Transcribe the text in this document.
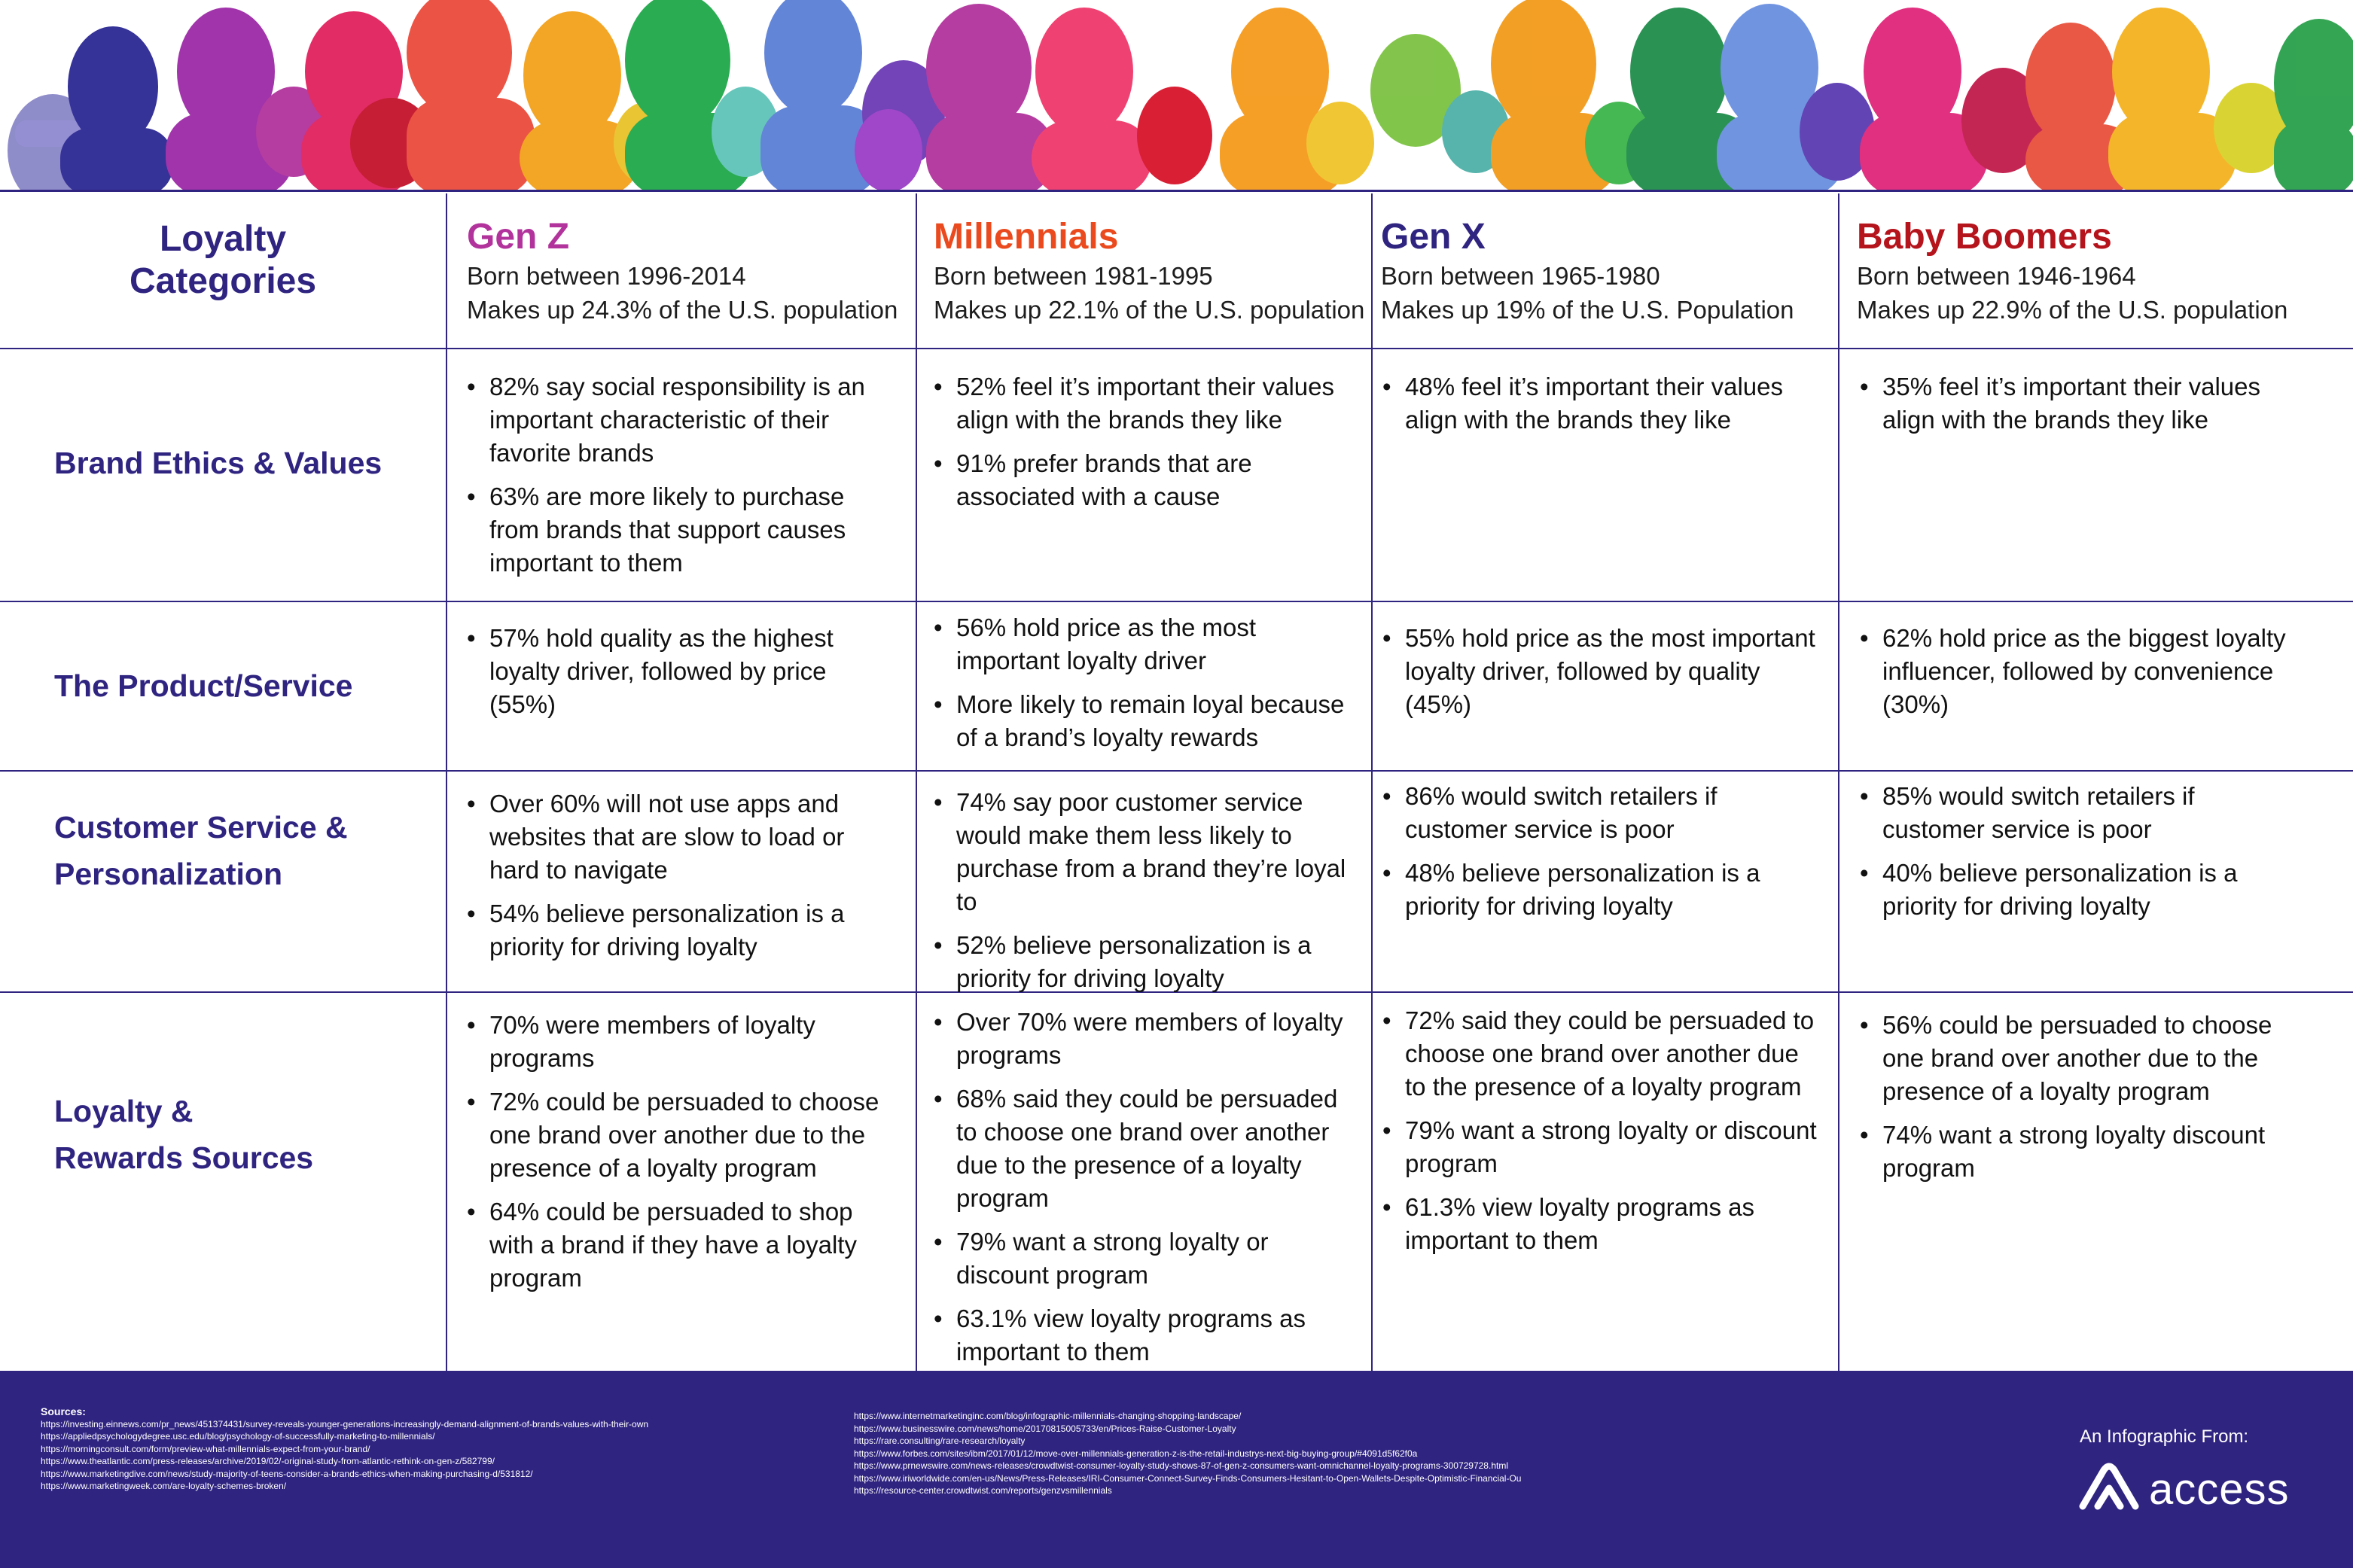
Loyalty
Categories
Gen Z
Born between 1996-2014
Makes up 24.3% of the U.S. population
Millennials
Born between 1981-1995
Makes up 22.1% of the U.S. population
Gen X
Born between 1965-1980
Makes up 19% of the U.S. Population
Baby Boomers
Born between 1946-1964
Makes up 22.9% of the U.S. population
Brand Ethics & Values
The Product/Service
Customer Service &
Personalization
Loyalty &
Rewards Sources
• 82% say social responsibility is an important characteristic of their favorite brands
• 63% are more likely to purchase from brands that support causes important to them
• 52% feel it’s important their values align with the brands they like
• 91% prefer brands that are associated with a cause
• 48% feel it’s important their values align with the brands they like
• 35% feel it’s important their values align with the brands they like
• 57% hold quality as the highest loyalty driver, followed by price (55%)
• 56% hold price as the most important loyalty driver
• More likely to remain loyal because of a brand’s loyalty rewards
• 55% hold price as the most important loyalty driver, followed by quality (45%)
• 62% hold price as the biggest loyalty influencer, followed by convenience (30%)
• Over 60% will not use apps and websites that are slow to load or hard to navigate
• 54% believe personalization is a priority for driving loyalty
• 74% say poor customer service would make them less likely to purchase from a brand they’re loyal to
• 52% believe personalization is a priority for driving loyalty
• 86% would switch retailers if customer service is poor
• 48% believe personalization is a priority for driving loyalty
• 85% would switch retailers if customer service is poor
• 40% believe personalization is a priority for driving loyalty
• 70% were members of loyalty programs
• 72% could be persuaded to choose one brand over another due to the presence of a loyalty program
• 64% could be persuaded to shop with a brand if they have a loyalty program
• Over 70% were members of loyalty programs
• 68% said they could be persuaded to choose one brand over another due to the presence of a loyalty program
• 79% want a strong loyalty or discount program
• 63.1% view loyalty programs as important to them
• 72% said they could be persuaded to choose one brand over another due to the presence of a loyalty program
• 79% want a strong loyalty or discount program
• 61.3% view loyalty programs as important to them
• 56% could be persuaded to choose one brand over another due to the presence of a loyalty program
• 74% want a strong loyalty discount program
Sources:
https://investing.einnews.com/pr_news/451374431/survey-reveals-younger-generations-increasingly-demand-alignment-of-brands-values-with-their-own
https://appliedpsychologydegree.usc.edu/blog/psychology-of-successfully-marketing-to-millennials/
https://morningconsult.com/form/preview-what-millennials-expect-from-your-brand/
https://www.theatlantic.com/press-releases/archive/2019/02/-original-study-from-atlantic-rethink-on-gen-z/582799/
https://www.marketingdive.com/news/study-majority-of-teens-consider-a-brands-ethics-when-making-purchasing-d/531812/
https://www.marketingweek.com/are-loyalty-schemes-broken/
https://www.internetmarketinginc.com/blog/infographic-millennials-changing-shopping-landscape/
https://www.businesswire.com/news/home/20170815005733/en/Prices-Raise-Customer-Loyalty
https://rare.consulting/rare-research/loyalty
https://www.forbes.com/sites/ibm/2017/01/12/move-over-millennials-generation-z-is-the-retail-industrys-next-big-buying-group/#4091d5f62f0a
https://www.prnewswire.com/news-releases/crowdtwist-consumer-loyalty-study-shows-87-of-gen-z-consumers-want-omnichannel-loyalty-programs-300729728.html
https://www.iriworldwide.com/en-us/News/Press-Releases/IRI-Consumer-Connect-Survey-Finds-Consumers-Hesitant-to-Open-Wallets-Despite-Optimistic-Financial-Ou
https://resource-center.crowdtwist.com/reports/genzvsmillennials
An Infographic From:
access
